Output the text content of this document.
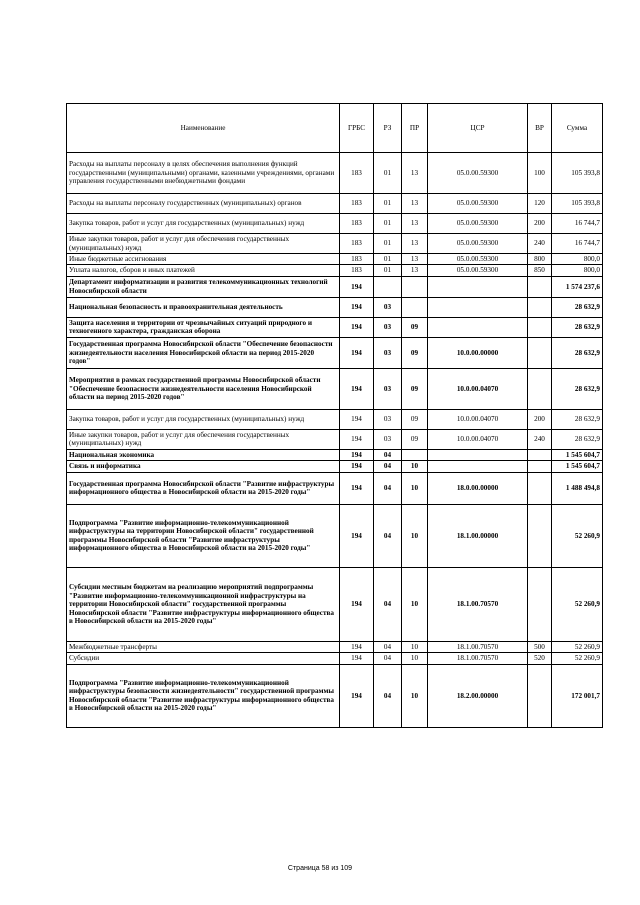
Наименование	ГРБС	РЗ	ПР	ЦСР	ВР	Сумма
Расходы на выплаты персоналу в целях обеспечения выполнения функций государственными (муниципальными) органами, казенными учреждениями, органами управления государственными внебюджетными фондами	183	01	13	05.0.00.59300	100	105 393,8
Расходы на выплаты персоналу государственных (муниципальных) органов	183	01	13	05.0.00.59300	120	105 393,8
Закупка товаров, работ и услуг для государственных (муниципальных) нужд	183	01	13	05.0.00.59300	200	16 744,7
Иные закупки товаров, работ и услуг для обеспечения государственных (муниципальных) нужд	183	01	13	05.0.00.59300	240	16 744,7
Иные бюджетные ассигнования	183	01	13	05.0.00.59300	800	800,0
Уплата налогов, сборов и иных платежей	183	01	13	05.0.00.59300	850	800,0
Департамент информатизации и развития телекоммуникационных технологий Новосибирской области	194					1 574 237,6
Национальная безопасность и правоохранительная деятельность	194	03				28 632,9
Защита населения и территории от чрезвычайных ситуаций природного и техногенного характера, гражданская оборона	194	03	09			28 632,9
Государственная программа Новосибирской области "Обеспечение безопасности жизнедеятельности населения Новосибирской области на период 2015-2020 годов"	194	03	09	10.0.00.00000		28 632,9
Мероприятия в рамках государственной программы Новосибирской области "Обеспечение безопасности жизнедеятельности населения Новосибирской области на период 2015-2020 годов"	194	03	09	10.0.00.04070		28 632,9
Закупка товаров, работ и услуг для государственных (муниципальных) нужд	194	03	09	10.0.00.04070	200	28 632,9
Иные закупки товаров, работ и услуг для обеспечения государственных (муниципальных) нужд	194	03	09	10.0.00.04070	240	28 632,9
Национальная экономика	194	04				1 545 604,7
Связь и информатика	194	04	10			1 545 604,7
Государственная программа Новосибирской области "Развитие инфраструктуры информационного общества в Новосибирской области на 2015-2020 годы"	194	04	10	18.0.00.00000		1 488 494,8
Подпрограмма "Развитие информационно-телекоммуникационной инфраструктуры на территории Новосибирской области" государственной программы Новосибирской области "Развитие инфраструктуры информационного общества в Новосибирской области на 2015-2020 годы"	194	04	10	18.1.00.00000		52 260,9
Субсидии местным бюджетам на реализацию мероприятий подпрограммы "Развитие информационно-телекоммуникационной инфраструктуры на территории Новосибирской области" государственной программы Новосибирской области "Развитие инфраструктуры информационного общества в Новосибирской области на 2015-2020 годы"	194	04	10	18.1.00.70570		52 260,9
Межбюджетные трансферты	194	04	10	18.1.00.70570	500	52 260,9
Субсидии	194	04	10	18.1.00.70570	520	52 260,9
Подпрограмма "Развитие информационно-телекоммуникационной инфраструктуры безопасности жизнедеятельности" государственной программы Новосибирской области "Развитие инфраструктуры информационного общества в Новосибирской области на 2015-2020 годы"	194	04	10	18.2.00.00000		172 001,7
Страница 58 из 109
